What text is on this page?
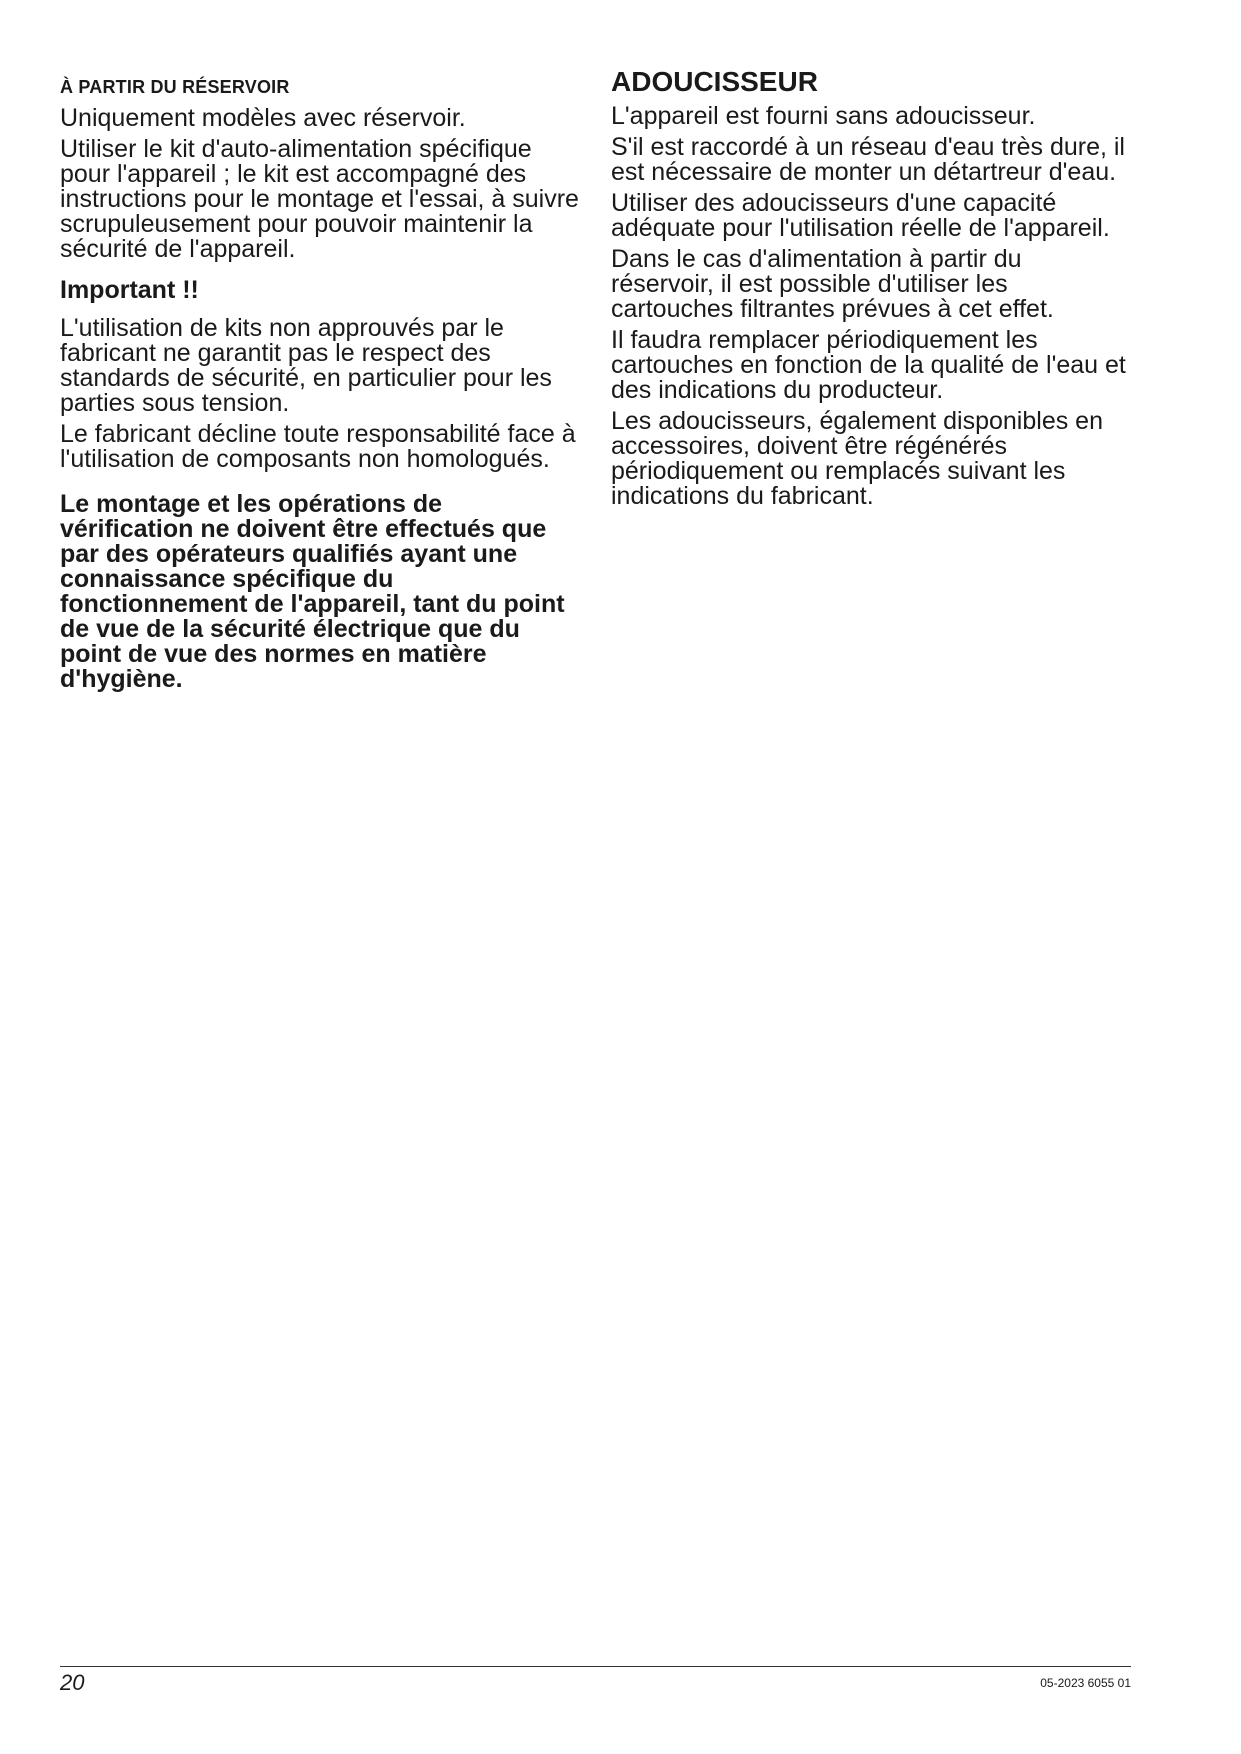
À PARTIR DU RÉSERVOIR

Uniquement modèles avec réservoir.

Utiliser le kit d'auto-alimentation spécifique pour l'appareil ; le kit est accompagné des instructions pour le montage et l'essai, à suivre scrupuleusement pour pouvoir maintenir la sécurité de l'appareil.

Important !!

L'utilisation de kits non approuvés par le fabricant ne garantit pas le respect des standards de sécurité, en particulier pour les parties sous tension.

Le fabricant décline toute responsabilité face à l'utilisation de composants non homologués.

Le montage et les opérations de vérification ne doivent être effectués que par des opérateurs qualifiés ayant une connaissance spécifique du fonctionnement de l'appareil, tant du point de vue de la sécurité électrique que du point de vue des normes en matière d'hygiène.

ADOUCISSEUR

L'appareil est fourni sans adoucisseur.

S'il est raccordé à un réseau d'eau très dure, il est nécessaire de monter un détartreur d'eau.

Utiliser des adoucisseurs d'une capacité adéquate pour l'utilisation réelle de l'appareil.

Dans le cas d'alimentation à partir du réservoir, il est possible d'utiliser les cartouches filtrantes prévues à cet effet.

Il faudra remplacer périodiquement les cartouches en fonction de la qualité de l'eau et des indications du producteur.

Les adoucisseurs, également disponibles en accessoires, doivent être régénérés périodiquement ou remplacés suivant les indications du fabricant.

20	05-2023 6055 01
